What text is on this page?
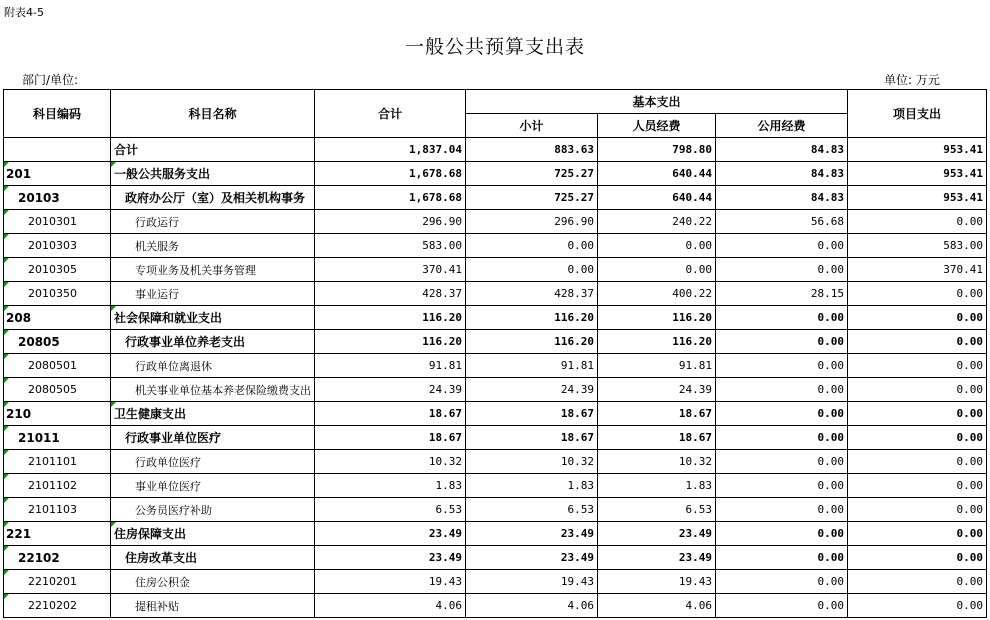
附表4-5
一般公共预算支出表
部门/单位:	单位: 万元
科目编码	科目名称	合计	基本支出			项目支出
			小计	人员经费	公用经费	
	合计	1,837.04	883.63	798.80	84.83	953.41
201	一般公共服务支出	1,678.68	725.27	640.44	84.83	953.41
20103	政府办公厅（室）及相关机构事务	1,678.68	725.27	640.44	84.83	953.41
2010301	行政运行	296.90	296.90	240.22	56.68	0.00
2010303	机关服务	583.00	0.00	0.00	0.00	583.00
2010305	专项业务及机关事务管理	370.41	0.00	0.00	0.00	370.41
2010350	事业运行	428.37	428.37	400.22	28.15	0.00
208	社会保障和就业支出	116.20	116.20	116.20	0.00	0.00
20805	行政事业单位养老支出	116.20	116.20	116.20	0.00	0.00
2080501	行政单位离退休	91.81	91.81	91.81	0.00	0.00
2080505	机关事业单位基本养老保险缴费支出	24.39	24.39	24.39	0.00	0.00
210	卫生健康支出	18.67	18.67	18.67	0.00	0.00
21011	行政事业单位医疗	18.67	18.67	18.67	0.00	0.00
2101101	行政单位医疗	10.32	10.32	10.32	0.00	0.00
2101102	事业单位医疗	1.83	1.83	1.83	0.00	0.00
2101103	公务员医疗补助	6.53	6.53	6.53	0.00	0.00
221	住房保障支出	23.49	23.49	23.49	0.00	0.00
22102	住房改革支出	23.49	23.49	23.49	0.00	0.00
2210201	住房公积金	19.43	19.43	19.43	0.00	0.00
2210202	提租补贴	4.06	4.06	4.06	0.00	0.00
